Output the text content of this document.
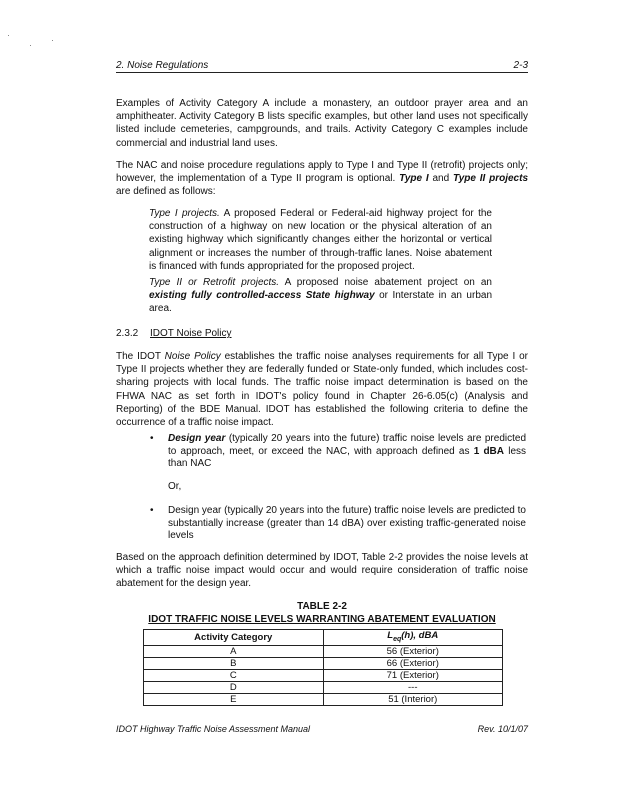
2. Noise Regulations	2-3

Examples of Activity Category A include a monastery, an outdoor prayer area and an amphitheater. Activity Category B lists specific examples, but other land uses not specifically listed include cemeteries, campgrounds, and trails. Activity Category C examples include commercial and industrial land uses.

The NAC and noise procedure regulations apply to Type I and Type II (retrofit) projects only; however, the implementation of a Type II program is optional. Type I and Type II projects are defined as follows:

Type I projects. A proposed Federal or Federal-aid highway project for the construction of a highway on new location or the physical alteration of an existing highway which significantly changes either the horizontal or vertical alignment or increases the number of through-traffic lanes. Noise abatement is financed with funds appropriated for the proposed project.

Type II or Retrofit projects. A proposed noise abatement project on an existing fully controlled-access State highway or Interstate in an urban area.

2.3.2 IDOT Noise Policy

The IDOT Noise Policy establishes the traffic noise analyses requirements for all Type I or Type II projects whether they are federally funded or State-only funded, which includes cost-sharing projects with local funds. The traffic noise impact determination is based on the FHWA NAC as set forth in IDOT's policy found in Chapter 26-6.05(c) (Analysis and Reporting) of the BDE Manual. IDOT has established the following criteria to define the occurrence of a traffic noise impact.

• Design year (typically 20 years into the future) traffic noise levels are predicted to approach, meet, or exceed the NAC, with approach defined as 1 dBA less than NAC
Or,
• Design year (typically 20 years into the future) traffic noise levels are predicted to substantially increase (greater than 14 dBA) over existing traffic-generated noise levels

Based on the approach definition determined by IDOT, Table 2-2 provides the noise levels at which a traffic noise impact would occur and would require consideration of traffic noise abatement for the design year.

TABLE 2-2
IDOT TRAFFIC NOISE LEVELS WARRANTING ABATEMENT EVALUATION
Activity Category	$L_{eq}(h)$, dBA
A	56 (Exterior)
B	66 (Exterior)
C	71 (Exterior)
D	---
E	51 (Interior)
IDOT Highway Traffic Noise Assessment Manual	Rev. 10/1/07
